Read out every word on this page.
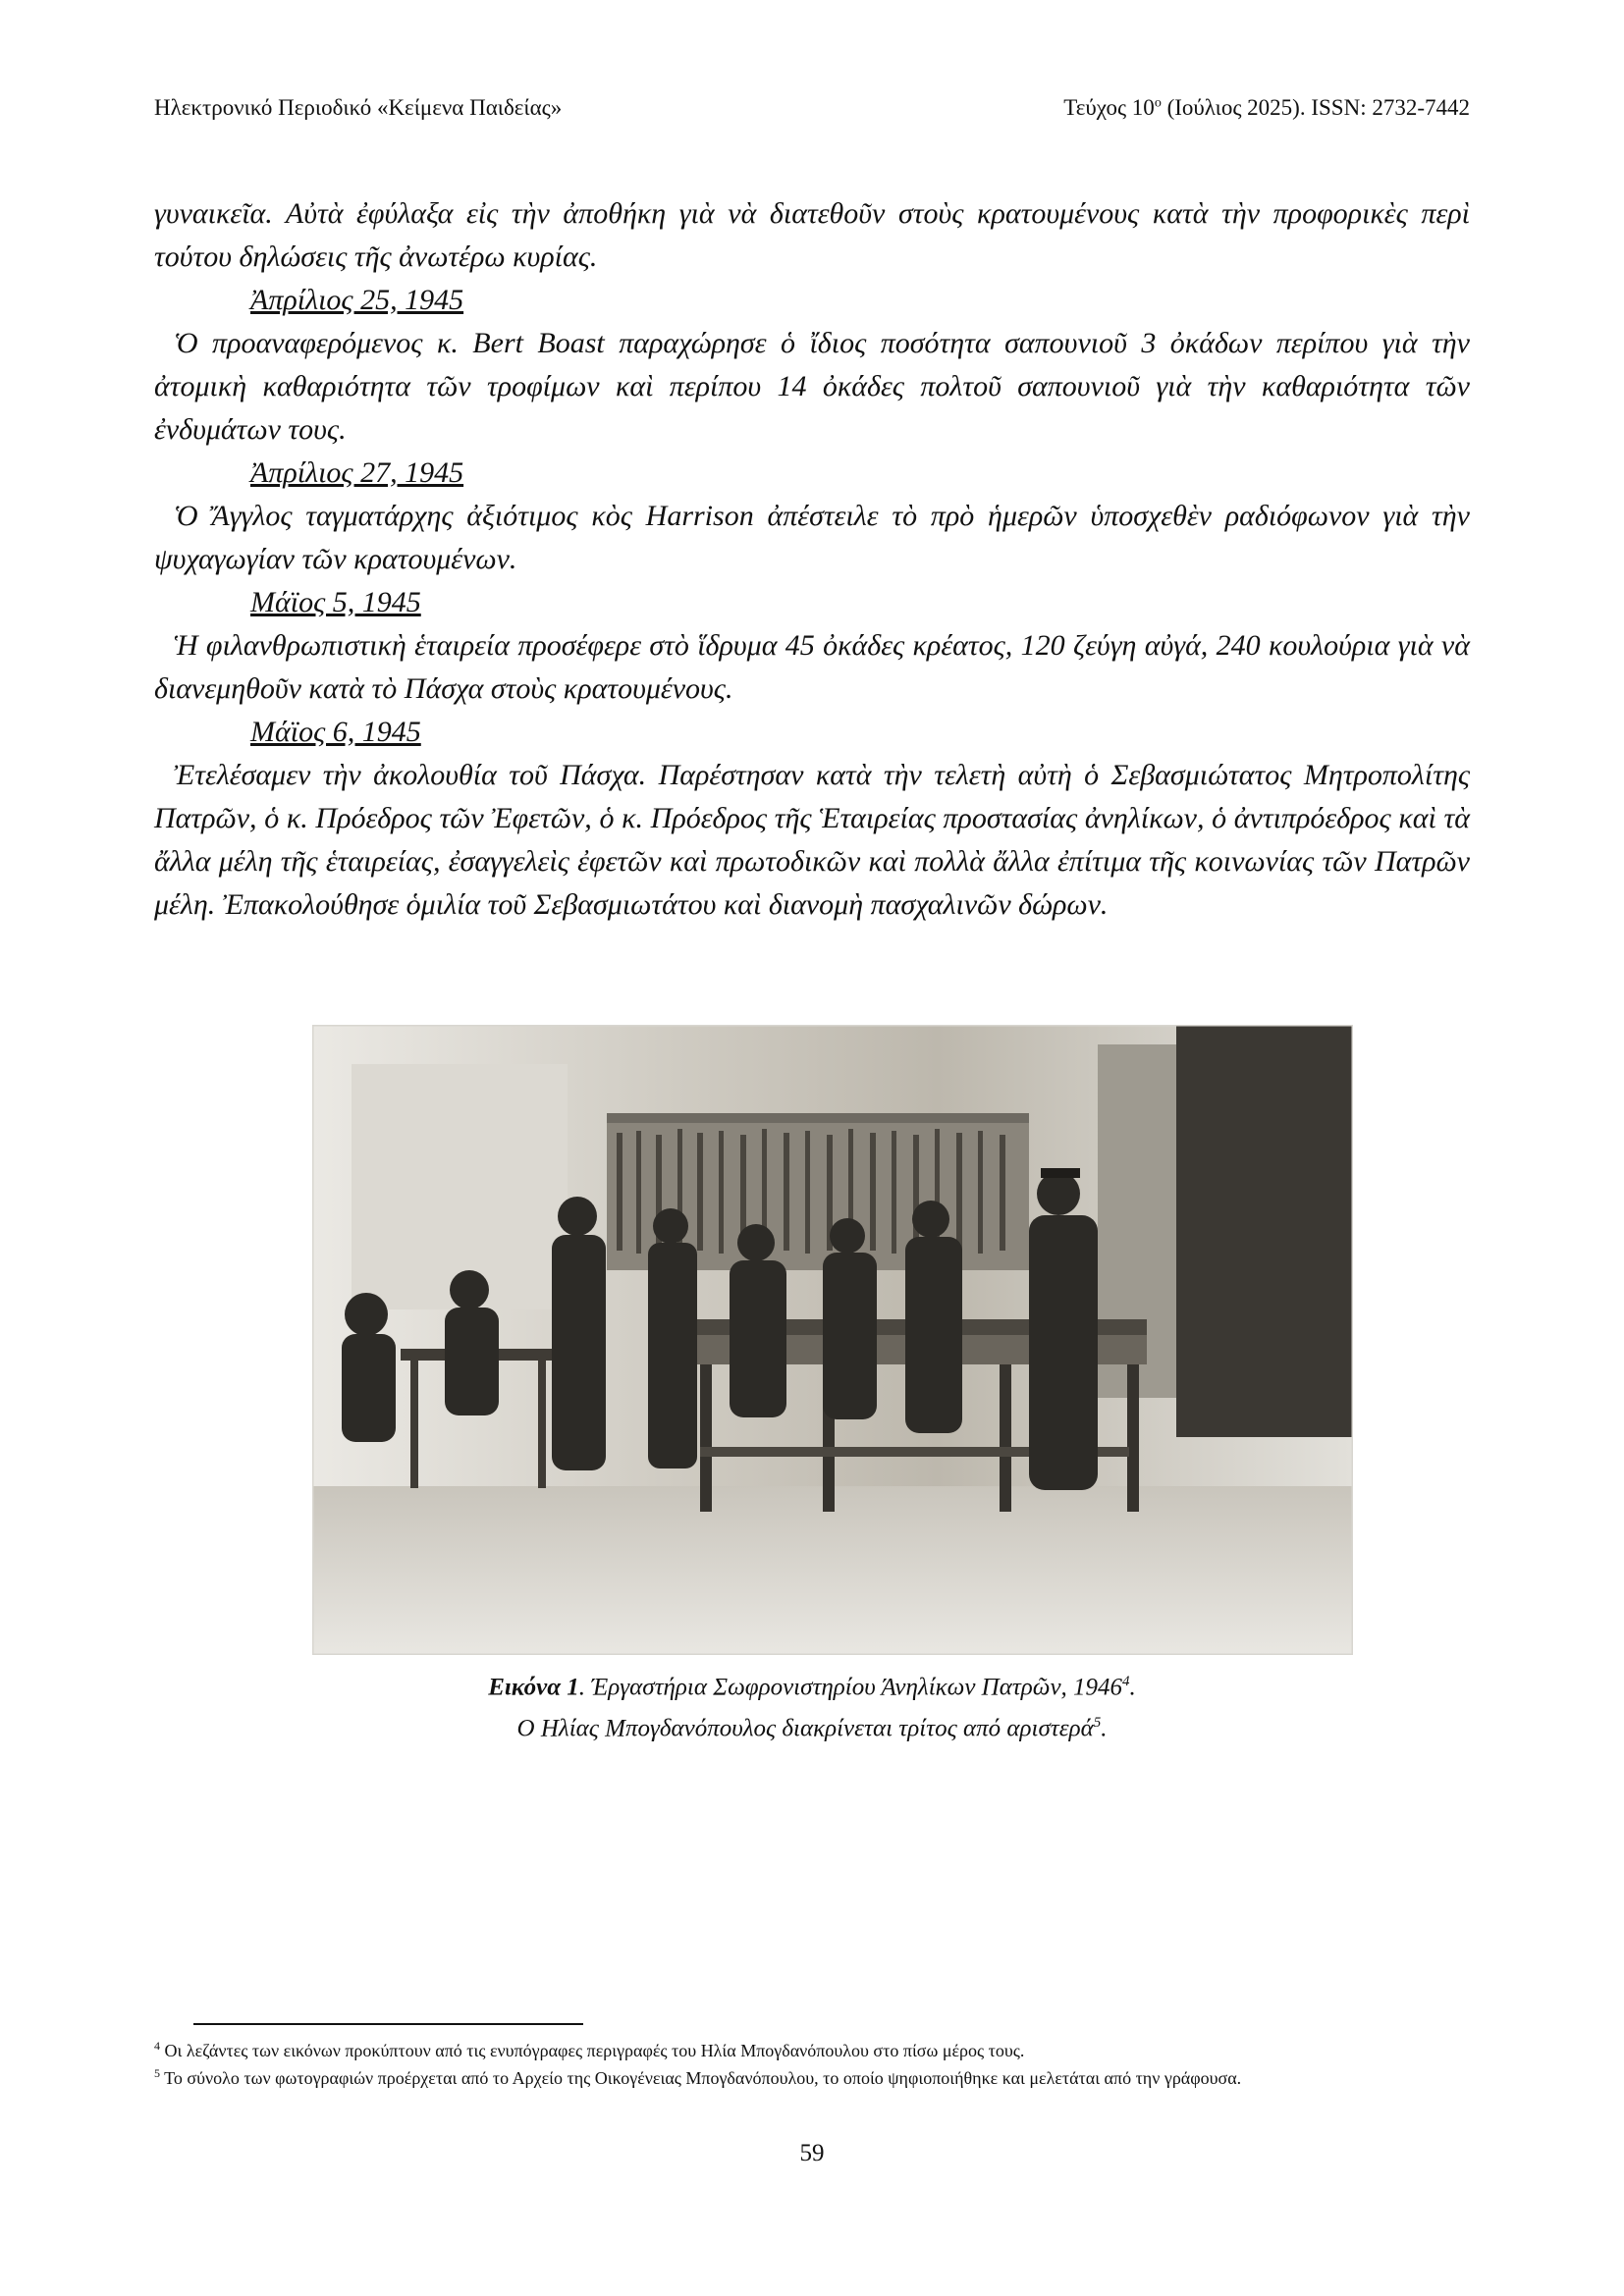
Ηλεκτρονικό Περιοδικό «Κείμενα Παιδείας»	Τεύχος $10^o$ (Ιούλιος 2025). ISSN: 2732-7442

γυναικεῖα. Αὐτὰ ἐφύλαξα εἰς τὴν ἀποθήκη γιὰ νὰ διατεθοῦν στοὺς κρατουμένους κατὰ τὴν προφορικὲς περὶ τούτου δηλώσεις τῆς ἀνωτέρω κυρίας.

Ἀπρίλιος 25, 1945

Ὁ προαναφερόμενος κ. Bert Boast παραχώρησε ὁ ἴδιος ποσότητα σαπουνιοῦ 3 ὀκάδων περίπου γιὰ τὴν ἀτομικὴ καθαριότητα τῶν τροφίμων καὶ περίπου 14 ὀκάδες πολτοῦ σαπουνιοῦ γιὰ τὴν καθαριότητα τῶν ἐνδυμάτων τους.

Ἀπρίλιος 27, 1945

Ὁ Ἄγγλος ταγματάρχης ἀξιότιμος κὸς Harrison ἀπέστειλε τὸ πρὸ ἡμερῶν ὑποσχεθὲν ραδιόφωνον γιὰ τὴν ψυχαγωγίαν τῶν κρατουμένων.

Μάϊος 5, 1945

Ἡ φιλανθρωπιστικὴ ἑταιρεία προσέφερε στὸ ἵδρυμα 45 ὀκάδες κρέατος, 120 ζεύγη αὐγά, 240 κουλούρια γιὰ νὰ διανεμηθοῦν κατὰ τὸ Πάσχα στοὺς κρατουμένους.

Μάϊος 6, 1945

Ἐτελέσαμεν τὴν ἀκολουθία τοῦ Πάσχα. Παρέστησαν κατὰ τὴν τελετὴ αὐτὴ ὁ Σεβασμιώτατος Μητροπολίτης Πατρῶν, ὁ κ. Πρόεδρος τῶν Ἐφετῶν, ὁ κ. Πρόεδρος τῆς Ἑταιρείας προστασίας ἀνηλίκων, ὁ ἀντιπρόεδρος καὶ τὰ ἄλλα μέλη τῆς ἑταιρείας, ἐσαγγελεὶς ἐφετῶν καὶ πρωτοδικῶν καὶ πολλὰ ἄλλα ἐπίτιμα τῆς κοινωνίας τῶν Πατρῶν μέλη. Ἐπακολούθησε ὁμιλία τοῦ Σεβασμιωτάτου καὶ διανομὴ πασχαλινῶν δώρων.

Εικόνα 1. Έργαστήρια Σωφρονιστηρίου Άνηλίκων Πατρῶν, 1946$^4$.
Ο Ηλίας Μπογδανόπουλος διακρίνεται τρίτος από αριστερά$^5$.

$^4$ Οι λεζάντες των εικόνων προκύπτουν από τις ενυπόγραφες περιγραφές του Ηλία Μπογδανόπουλου στο πίσω μέρος τους.

$^5$ Το σύνολο των φωτογραφιών προέρχεται από το Αρχείο της Οικογένειας Μπογδανόπουλου, το οποίο ψηφιοποιήθηκε και μελετάται από την γράφουσα.

59
